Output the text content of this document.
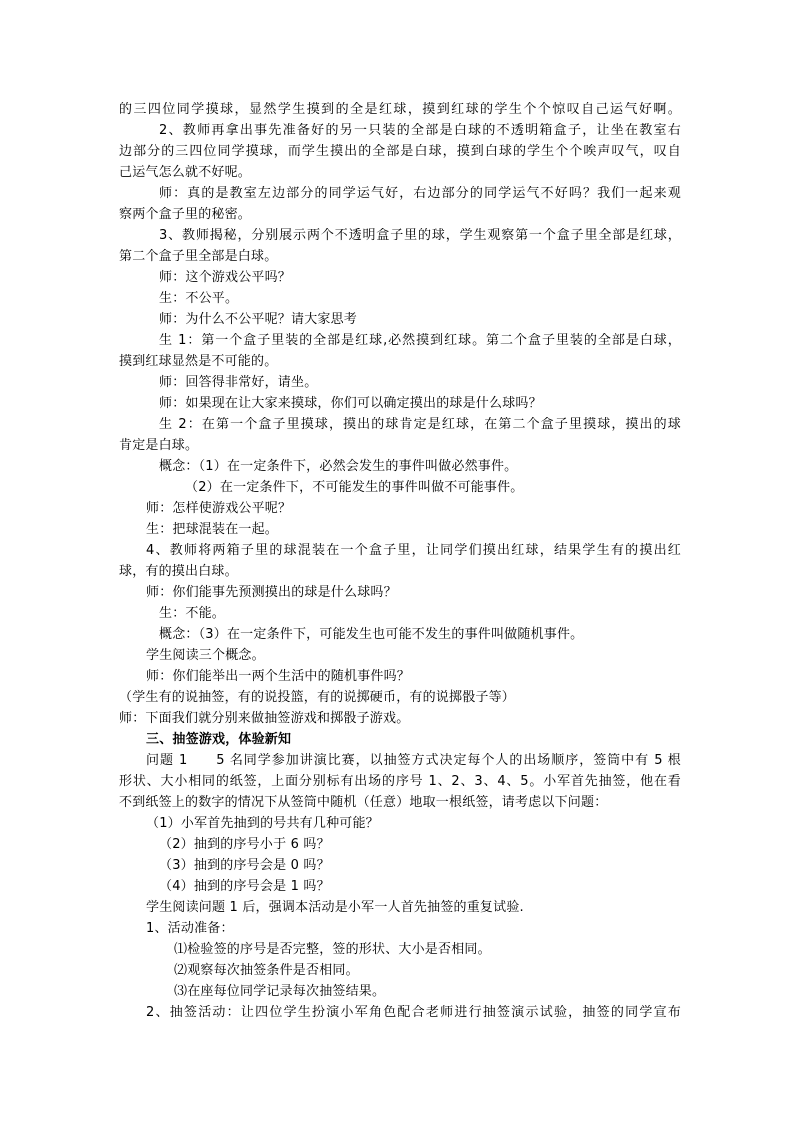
的三四位同学摸球，显然学生摸到的全是红球，摸到红球的学生个个惊叹自己运气好啊。
2、教师再拿出事先准备好的另一只装的全部是白球的不透明箱盒子，让坐在教室右
边部分的三四位同学摸球，而学生摸出的全部是白球，摸到白球的学生个个唉声叹气，叹自
己运气怎么就不好呢。
师：真的是教室左边部分的同学运气好，右边部分的同学运气不好吗？我们一起来观
察两个盒子里的秘密。
3、教师揭秘，分别展示两个不透明盒子里的球，学生观察第一个盒子里全部是红球，
第二个盒子里全部是白球。
师：这个游戏公平吗？
生：不公平。
师：为什么不公平呢？请大家思考
生 1：第一个盒子里装的全部是红球,必然摸到红球。第二个盒子里装的全部是白球，
摸到红球显然是不可能的。
师：回答得非常好，请坐。
师：如果现在让大家来摸球，你们可以确定摸出的球是什么球吗？
生 2：在第一个盒子里摸球，摸出的球肯定是红球，在第二个盒子里摸球，摸出的球
肯定是白球。
概念：（1）在一定条件下，必然会发生的事件叫做必然事件。
（2）在一定条件下，不可能发生的事件叫做不可能事件。
师：怎样使游戏公平呢？
生：把球混装在一起。
4、教师将两箱子里的球混装在一个盒子里，让同学们摸出红球，结果学生有的摸出红
球，有的摸出白球。
师：你们能事先预测摸出的球是什么球吗？
生：不能。
概念：（3）在一定条件下，可能发生也可能不发生的事件叫做随机事件。
学生阅读三个概念。
师：你们能举出一两个生活中的随机事件吗？
（学生有的说抽签，有的说投篮，有的说掷硬币，有的说掷骰子等）
师：下面我们就分别来做抽签游戏和掷骰子游戏。
三、抽签游戏，体验新知
问题 1　　5 名同学参加讲演比赛，以抽签方式决定每个人的出场顺序，签筒中有 5 根
形状、大小相同的纸签，上面分别标有出场的序号 1、2、3、4、5。小军首先抽签，他在看
不到纸签上的数字的情况下从签筒中随机（任意）地取一根纸签，请考虑以下问题：
（1）小军首先抽到的号共有几种可能？
（2）抽到的序号小于 6 吗？
（3）抽到的序号会是 0 吗？
（4）抽到的序号会是 1 吗？
学生阅读问题 1 后，强调本活动是小军一人首先抽签的重复试验.
1、活动准备：
⑴检验签的序号是否完整，签的形状、大小是否相同。
⑵观察每次抽签条件是否相同。
⑶在座每位同学记录每次抽签结果。
2、抽签活动：让四位学生扮演小军角色配合老师进行抽签演示试验，抽签的同学宣布
